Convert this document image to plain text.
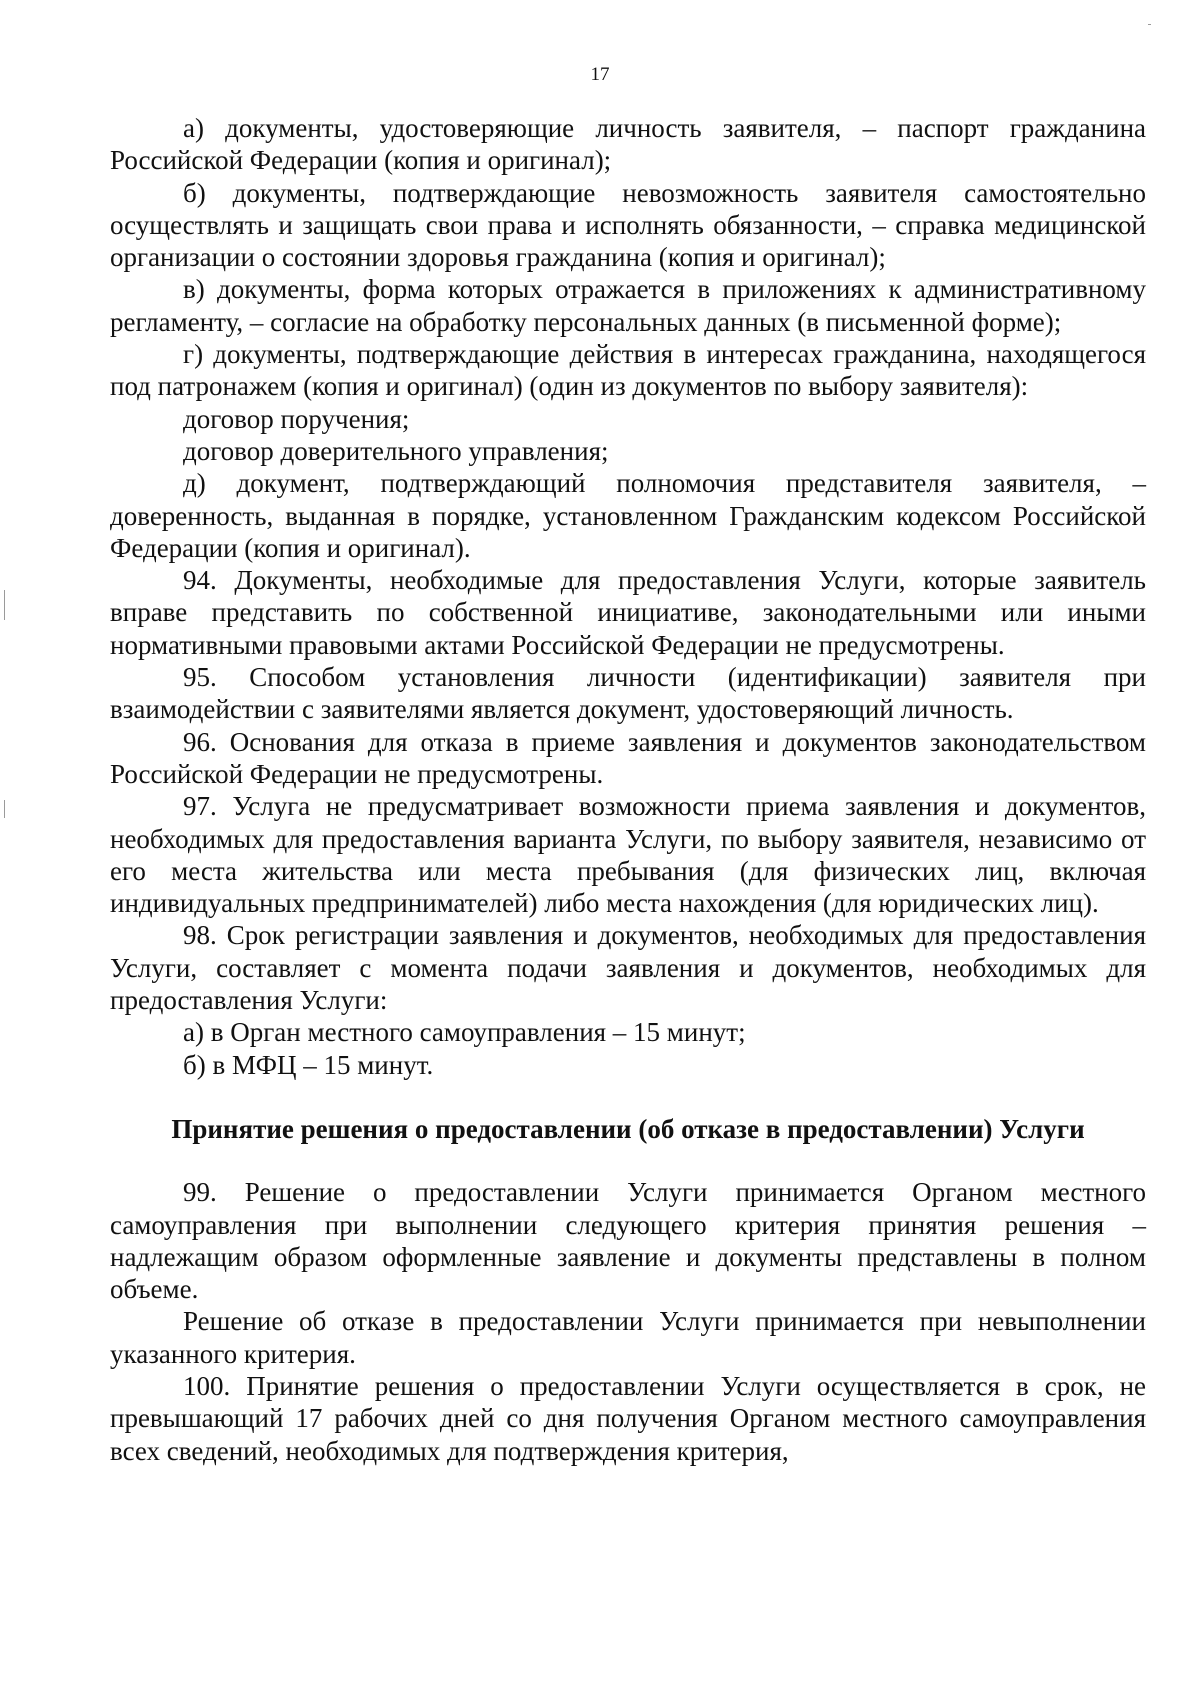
17

а) документы, удостоверяющие личность заявителя, – паспорт гражданина Российской Федерации (копия и оригинал);

б) документы, подтверждающие невозможность заявителя самостоятельно осуществлять и защищать свои права и исполнять обязанности, – справка медицинской организации о состоянии здоровья гражданина (копия и оригинал);

в) документы, форма которых отражается в приложениях к административному регламенту, – согласие на обработку персональных данных (в письменной форме);

г) документы, подтверждающие действия в интересах гражданина, находящегося под патронажем (копия и оригинал) (один из документов по выбору заявителя):

договор поручения;

договор доверительного управления;

д) документ, подтверждающий полномочия представителя заявителя, – доверенность, выданная в порядке, установленном Гражданским кодексом Российской Федерации (копия и оригинал).

94. Документы, необходимые для предоставления Услуги, которые заявитель вправе представить по собственной инициативе, законодательными или иными нормативными правовыми актами Российской Федерации не предусмотрены.

95. Способом установления личности (идентификации) заявителя при взаимодействии с заявителями является документ, удостоверяющий личность.

96. Основания для отказа в приеме заявления и документов законодательством Российской Федерации не предусмотрены.

97. Услуга не предусматривает возможности приема заявления и документов, необходимых для предоставления варианта Услуги, по выбору заявителя, независимо от его места жительства или места пребывания (для физических лиц, включая индивидуальных предпринимателей) либо места нахождения (для юридических лиц).

98. Срок регистрации заявления и документов, необходимых для предоставления Услуги, составляет с момента подачи заявления и документов, необходимых для предоставления Услуги:

а) в Орган местного самоуправления – 15 минут;

б) в МФЦ – 15 минут.

Принятие решения о предоставлении (об отказе в предоставлении) Услуги

99. Решение о предоставлении Услуги принимается Органом местного самоуправления при выполнении следующего критерия принятия решения – надлежащим образом оформленные заявление и документы представлены в полном объеме.

Решение об отказе в предоставлении Услуги принимается при невыполнении указанного критерия.

100. Принятие решения о предоставлении Услуги осуществляется в срок, не превышающий 17 рабочих дней со дня получения Органом местного самоуправления всех сведений, необходимых для подтверждения критерия,
